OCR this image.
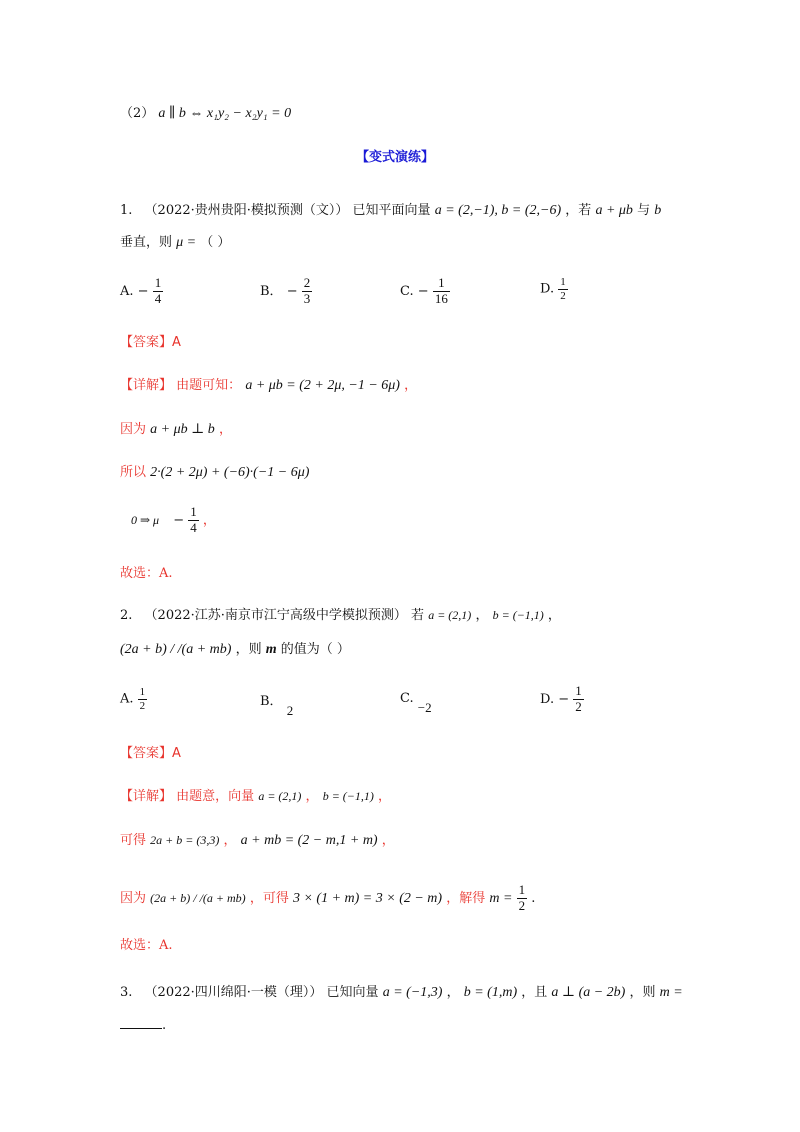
（2） a ∥ b ⇔ x₁y₂ − x₂y₁ = 0
【变式演练】
1. （2022·贵州贵阳·模拟预测（文）） 已知平面向量 a = (2,−1), b = (2,−6) ，若 a + μb 与 b
垂直，则 μ = （ ）
A. − $\frac{1}{4}$	B． − $\frac{2}{3}$	C. − $\frac{1}{16}$	D. $\frac{1}{2}$
【答案】A
【详解】 由题可知： a + μb = (2 + 2μ, −1 − 6μ) ，
因为 a + μb ⊥ b ，
所以 2·(2 + 2μ) + (−6)·(−1 − 6μ)
0 ⇒ $\mu - \frac{1}{4}$ ，
故选：A.
2. （2022·江苏·南京市江宁高级中学模拟预测） 若 a = (2,1) ， b = (−1,1) ，
(2a + b) / /(a + mb) ，则 m 的值为（ ）
A. $\frac{1}{2}$	B． 2
C. −2
D. − $\frac{1}{2}$
【答案】A
【详解】 由题意，向量 a = (2,1) ， b = (−1,1) ，
可得 2a + b = (3,3) ， a + mb = (2 − m,1 + m) ，
因为 (2a + b) / /(a + mb) ，可得 3 × (1 + m) = 3 × (2 − m) ，解得 $m = \frac{1}{2}$ .
故选：A.
3. （2022·四川绵阳·一模（理）） 已知向量 a = (−1,3) ， b = (1,m) ，且 a ⊥ (a − 2b) ，则 m =
.
